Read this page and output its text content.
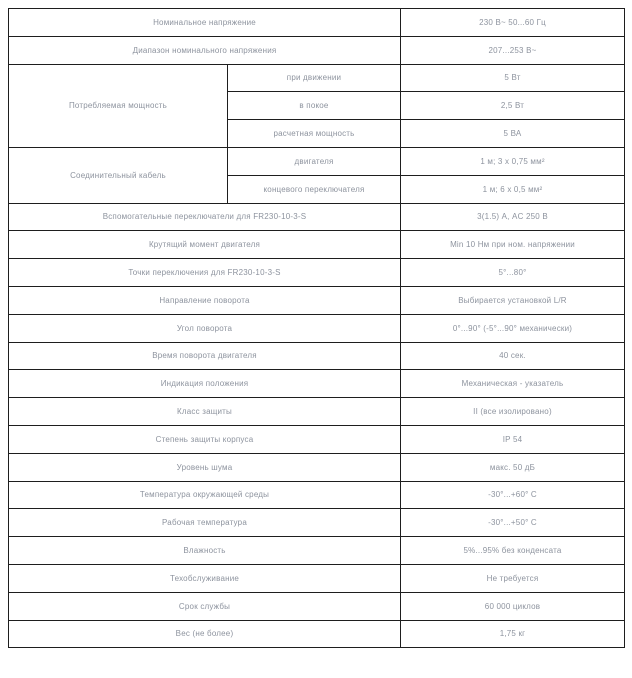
Номинальное напряжение		230 В~ 50...60 Гц
Диапазон номинального напряжения		207...253 В~
Потребляемая мощность	при движении	5 Вт
	в покое	2,5 Вт
	расчетная мощность	5 ВА
Соединительный кабель	двигателя	1 м; 3 x 0,75 мм²
	концевого переключателя	1 м; 6 x 0,5 мм²
Вспомогательные переключатели для FR230-10-3-S		3(1.5) А, AC 250 В
Крутящий момент двигателя		Min 10 Нм при ном. напряжении
Точки переключения для FR230-10-3-S		5°...80°
Направление поворота		Выбирается установкой L/R
Угол поворота		0°...90° (-5°...90° механически)
Время поворота двигателя		40 сек.
Индикация положения		Механическая - указатель
Класс защиты		II (все изолировано)
Степень защиты корпуса		IP 54
Уровень шума		макс. 50 дБ
Температура окружающей среды		-30°...+60° C
Рабочая температура		-30°...+50° C
Влажность		5%...95% без конденсата
Техобслуживание		Не требуется
Срок службы		60 000 циклов
Вес (не более)		1,75 кг
